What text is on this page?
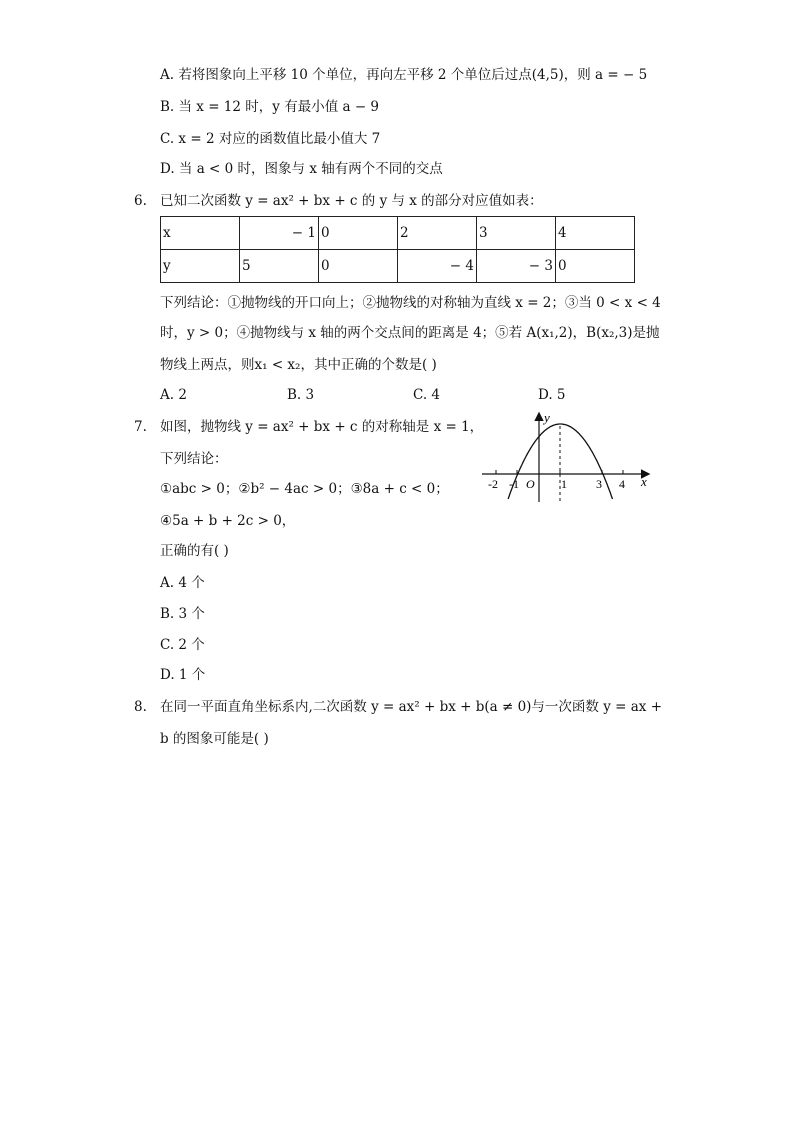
A. 若将图象向上平移 10 个单位，再向左平移 2 个单位后过点(4,5)，则 a = − 5
B. 当 x = 12 时，y 有最小值 a − 9
C. x = 2 对应的函数值比最小值大 7
D. 当 a < 0 时，图象与 x 轴有两个不同的交点
6. 已知二次函数 y = ax² + bx + c 的 y 与 x 的部分对应值如表：
x	− 1	0	2	3	4
y	5	0	− 4	− 3	0
下列结论：①抛物线的开口向上；②抛物线的对称轴为直线 x = 2；③当 0 < x < 4
时，y > 0；④抛物线与 x 轴的两个交点间的距离是 4；⑤若 A(x₁,2)，B(x₂,3)是抛
物线上两点，则x₁ < x₂，其中正确的个数是( )
A. 2	B. 3	C. 4	D. 5
7. 如图，抛物线 y = ax² + bx + c 的对称轴是 x = 1，
下列结论：
①abc > 0；②b² − 4ac > 0；③8a + c < 0；
④5a + b + 2c > 0，
正确的有( )
A. 4 个
B. 3 个
C. 2 个
D. 1 个
x
y
O
-2 -1	1 3 4
8. 在同一平面直角坐标系内,二次函数 y = ax² + bx + b(a ≠ 0)与一次函数 y = ax +
b 的图象可能是( )
